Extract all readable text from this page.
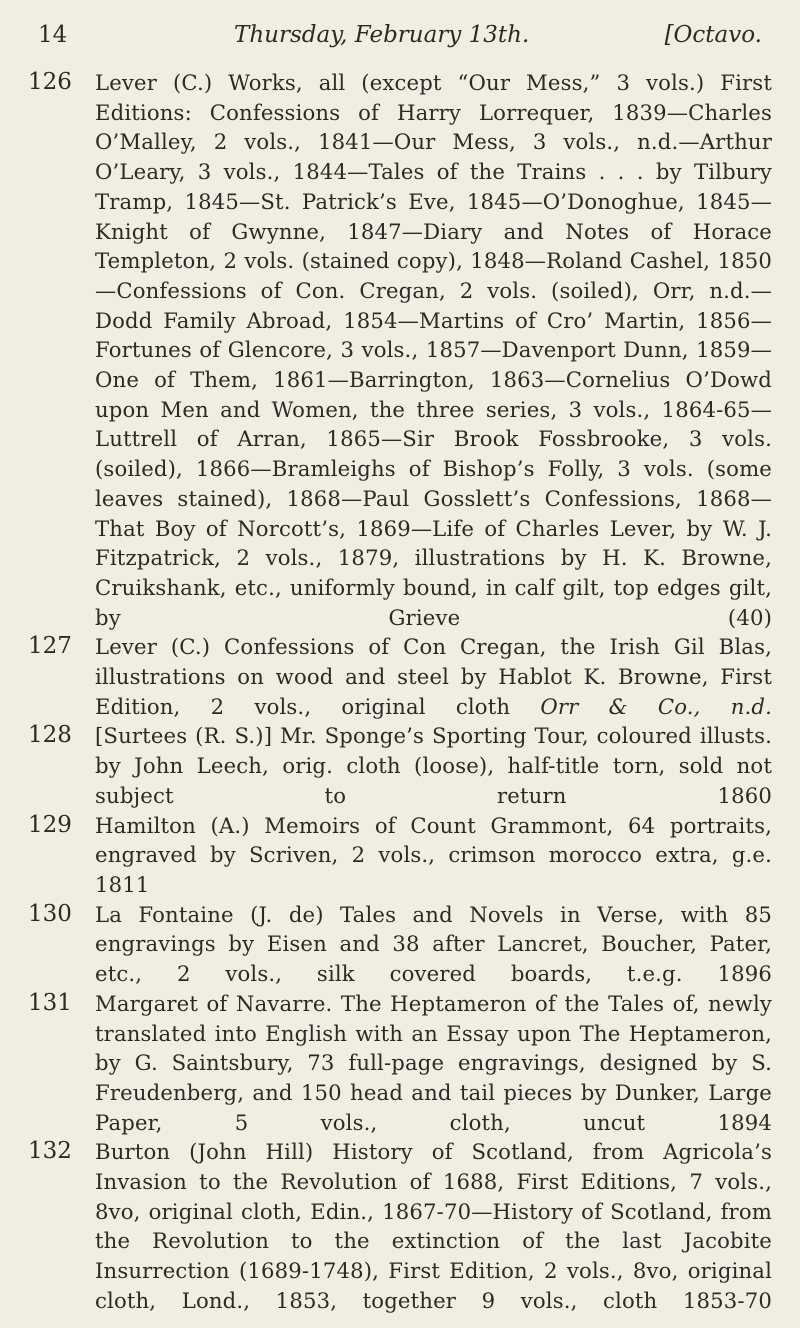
14	Thursday, February 13th.	[Octavo.
126	Lever (C.) Works, all (except “Our Mess,” 3 vols.) First Editions: Confessions of Harry Lorrequer, 1839—Charles O’Malley, 2 vols., 1841—Our Mess, 3 vols., n.d.—Arthur O’Leary, 3 vols., 1844—Tales of the Trains . . . by Tilbury Tramp, 1845—St. Patrick’s Eve, 1845—O’Donoghue, 1845—Knight of Gwynne, 1847—Diary and Notes of Horace Templeton, 2 vols. (stained copy), 1848—Roland Cashel, 1850—Confessions of Con. Cregan, 2 vols. (soiled), Orr, n.d.—Dodd Family Abroad, 1854—Martins of Cro’ Martin, 1856—Fortunes of Glencore, 3 vols., 1857—Davenport Dunn, 1859—One of Them, 1861—Barrington, 1863—Cornelius O’Dowd upon Men and Women, the three series, 3 vols., 1864-65—Luttrell of Arran, 1865—Sir Brook Fossbrooke, 3 vols. (soiled), 1866—Bramleighs of Bishop’s Folly, 3 vols. (some leaves stained), 1868—Paul Gosslett’s Confessions, 1868—That Boy of Norcott’s, 1869—Life of Charles Lever, by W. J. Fitzpatrick, 2 vols., 1879, illustrations by H. K. Browne, Cruikshank, etc., uniformly bound, in calf gilt, top edges gilt, by Grieve	(40)
127	Lever (C.) Confessions of Con Cregan, the Irish Gil Blas, illustrations on wood and steel by Hablot K. Browne, First Edition, 2 vols., original cloth Orr & Co., n.d.
128	[Surtees (R. S.)] Mr. Sponge’s Sporting Tour, coloured illusts. by John Leech, orig. cloth (loose), half-title torn, sold not subject to return	1860
129	Hamilton (A.) Memoirs of Count Grammont, 64 portraits, engraved by Scriven, 2 vols., crimson morocco extra, g.e. 1811
130	La Fontaine (J. de) Tales and Novels in Verse, with 85 engravings by Eisen and 38 after Lancret, Boucher, Pater, etc., 2 vols., silk covered boards, t.e.g. 1896
131	Margaret of Navarre. The Heptameron of the Tales of, newly translated into English with an Essay upon The Heptameron, by G. Saintsbury, 73 full-page engravings, designed by S. Freudenberg, and 150 head and tail pieces by Dunker, Large Paper, 5 vols., cloth, uncut	1894
132	Burton (John Hill) History of Scotland, from Agricola’s Invasion to the Revolution of 1688, First Editions, 7 vols., 8vo, original cloth, Edin., 1867-70—History of Scotland, from the Revolution to the extinction of the last Jacobite Insurrection (1689-1748), First Edition, 2 vols., 8vo, original cloth, Lond., 1853, together 9 vols., cloth 1853-70
